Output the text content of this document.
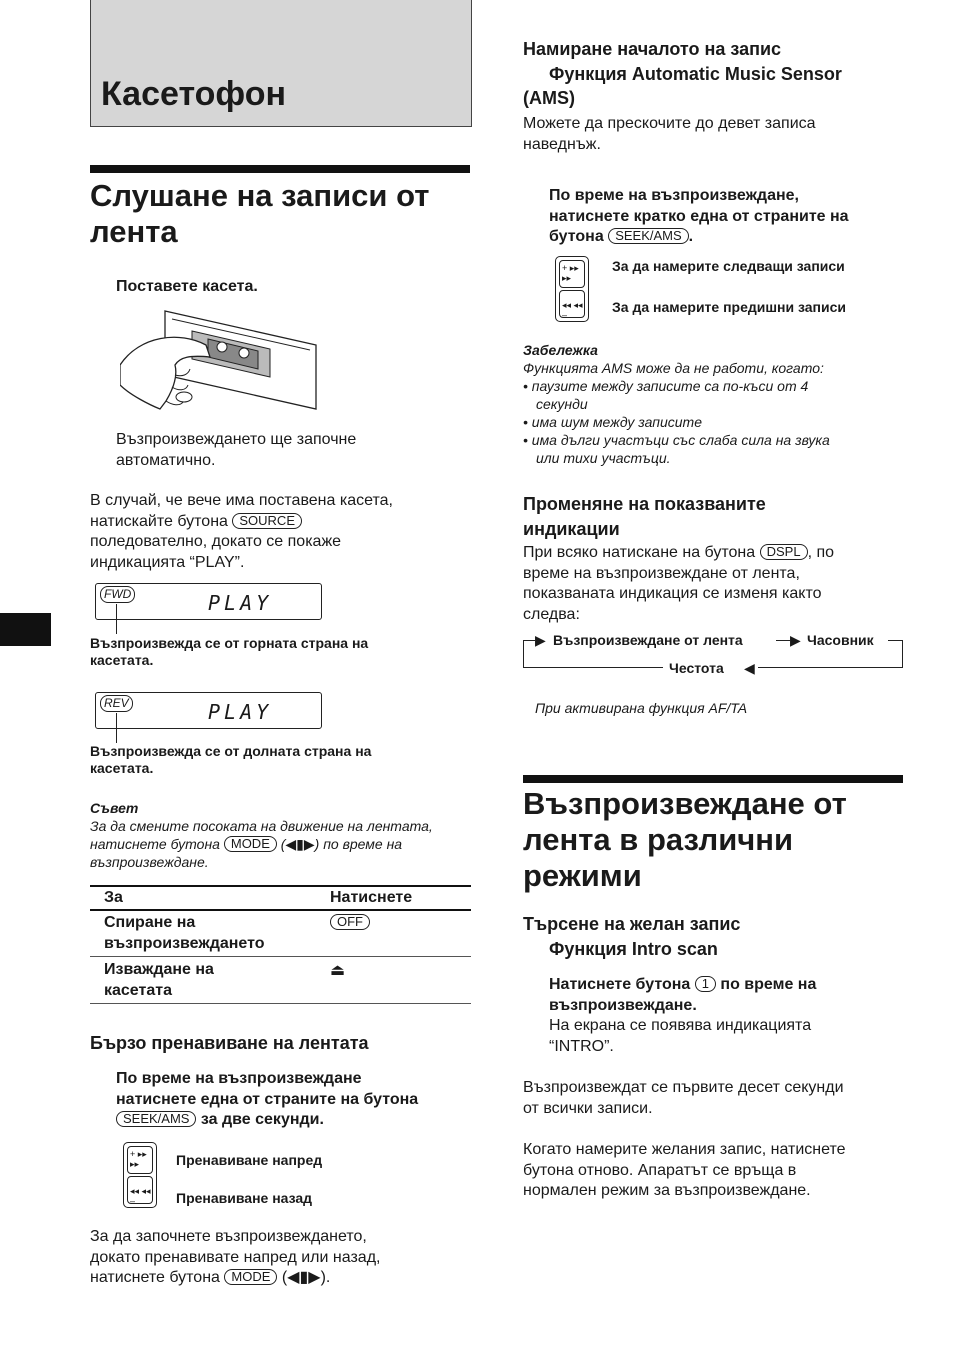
Касетофон
Слушане на записи от
лента
Поставете касета.
Възпроизвеждането ще започне
автоматично.
В случай, че вече има поставена касета,
натискайте бутона SOURCE
поледователно, докато се покаже
индикацията “PLAY”.
FWD	PLAY
Възпроизвежда се от горната страна на
касетата.
REV	PLAY
Възпроизвежда се от долната страна на
касетата.
Съвет
За да смените посоката на движение на лентата,
натиснете бутона MODE (◀▮▶) по време на
възпроизвеждане.
За	Натиснете
Спиране на
възпроизвеждането
OFF
Изваждане на
касетата
⏏
Бързо пренавиване на лентата
По време на възпроизвеждане
натиснете една от страните на бутона
SEEK/AMS за две секунди.
+ ▸▸ ▸▸
◂◂ ◂◂ –
Пренавиване напред
Пренавиване назад
За да започнете възпроизвеждането,
докато пренавивате напред или назад,
натиснете бутона MODE (◀▮▶).
Намиране началото на запис
Функция Automatic Music Sensor
(AMS)
Можете да прескочите до девет записа
наведнъж.
По време на възпроизвеждане,
натиснете кратко една от страните на
бутона SEEK/AMS .
+ ▸▸ ▸▸
◂◂ ◂◂ –
За да намерите следващи записи
За да намерите предишни записи
Забележка
Функцията AMS може да не работи, когато:
• паузите между записите са по-къси от 4
секунди
• има шум между записите
• има дълги участъци със слаба сила на звука
или тихи участъци.
Променяне на показваните
индикации
При всяко натискане на бутона DSPL , по
време на възпроизвеждане от лента,
показваната индикация се изменя както
следва:
▶ Възпроизвеждане от лента	▶ Часовник
Честота ◀
При активирана функция AF/TA
Възпроизвеждане от
лента в различни
режими
Търсене на желан запис
Функция Intro scan
Натиснете бутона 1 по време на
възпроизвеждане.
На екрана се появява индикацията
“INTRO”.
Възпроизвеждат се първите десет секунди
от всички записи.
Когато намерите желания запис, натиснете
бутона отново. Апаратът се връща в
нормален режим за възпроизвеждане.
